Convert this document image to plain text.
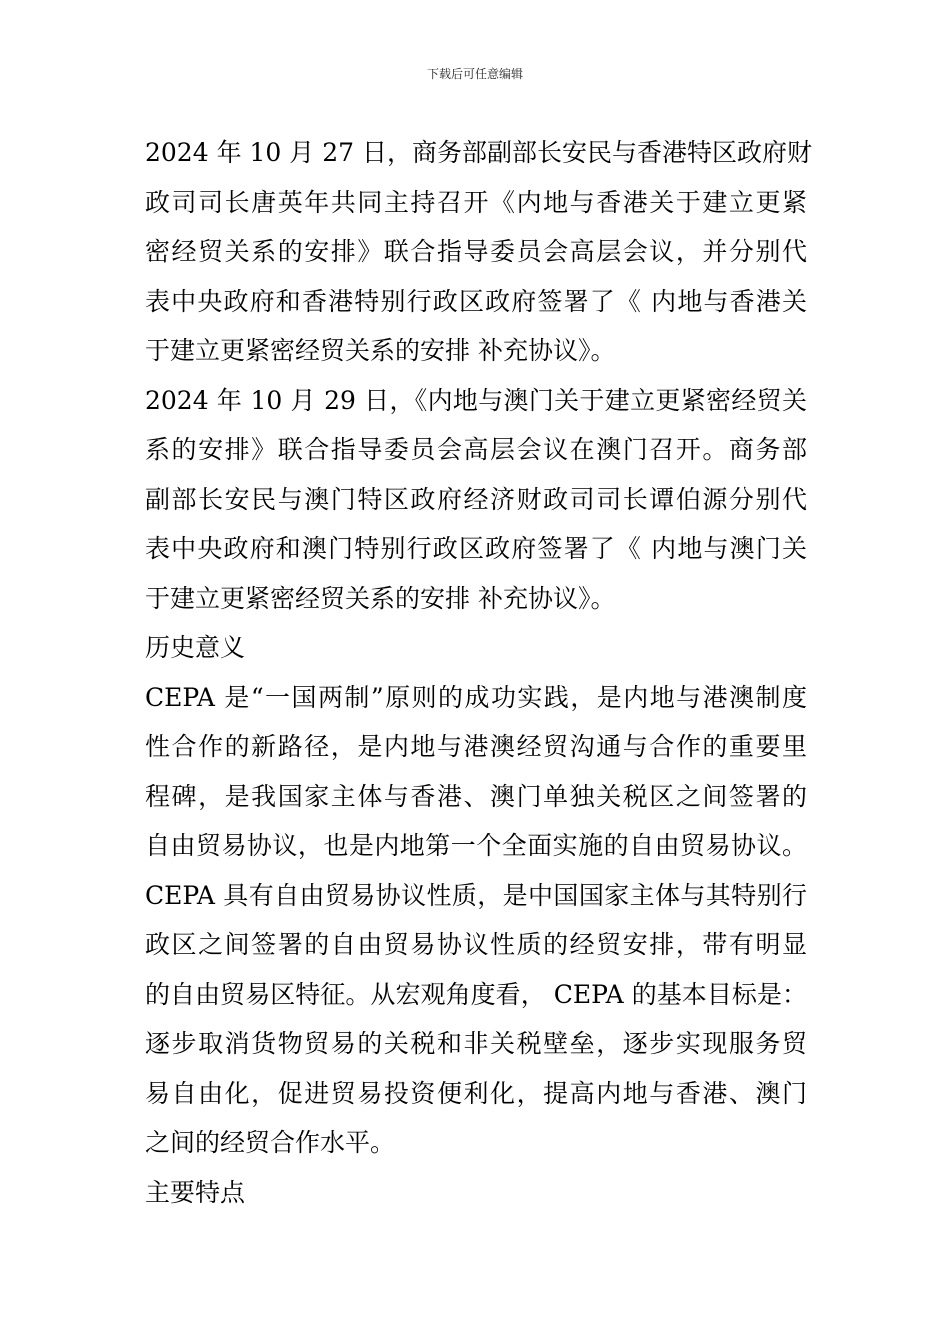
下载后可任意编辑
2024 年 10 月 27 日，商务部副部长安民与香港特区政府财
政司司长唐英年共同主持召开《内地与香港关于建立更紧
密经贸关系的安排》联合指导委员会高层会议，并分别代
表中央政府和香港特别行政区政府签署了《 内地与香港关
于建立更紧密经贸关系的安排 补充协议》。
2024 年 10 月 29 日，《内地与澳门关于建立更紧密经贸关
系的安排》联合指导委员会高层会议在澳门召开。商务部
副部长安民与澳门特区政府经济财政司司长谭伯源分别代
表中央政府和澳门特别行政区政府签署了《 内地与澳门关
于建立更紧密经贸关系的安排 补充协议》。
历史意义
CEPA 是“一国两制”原则的成功实践，是内地与港澳制度
性合作的新路径，是内地与港澳经贸沟通与合作的重要里
程碑，是我国家主体与香港、澳门单独关税区之间签署的
自由贸易协议，也是内地第一个全面实施的自由贸易协议。
CEPA 具有自由贸易协议性质，是中国国家主体与其特别行
政区之间签署的自由贸易协议性质的经贸安排，带有明显
的自由贸易区特征。从宏观角度看， CEPA 的基本目标是：
逐步取消货物贸易的关税和非关税壁垒，逐步实现服务贸
易自由化，促进贸易投资便利化，提高内地与香港、澳门
之间的经贸合作水平。
主要特点
